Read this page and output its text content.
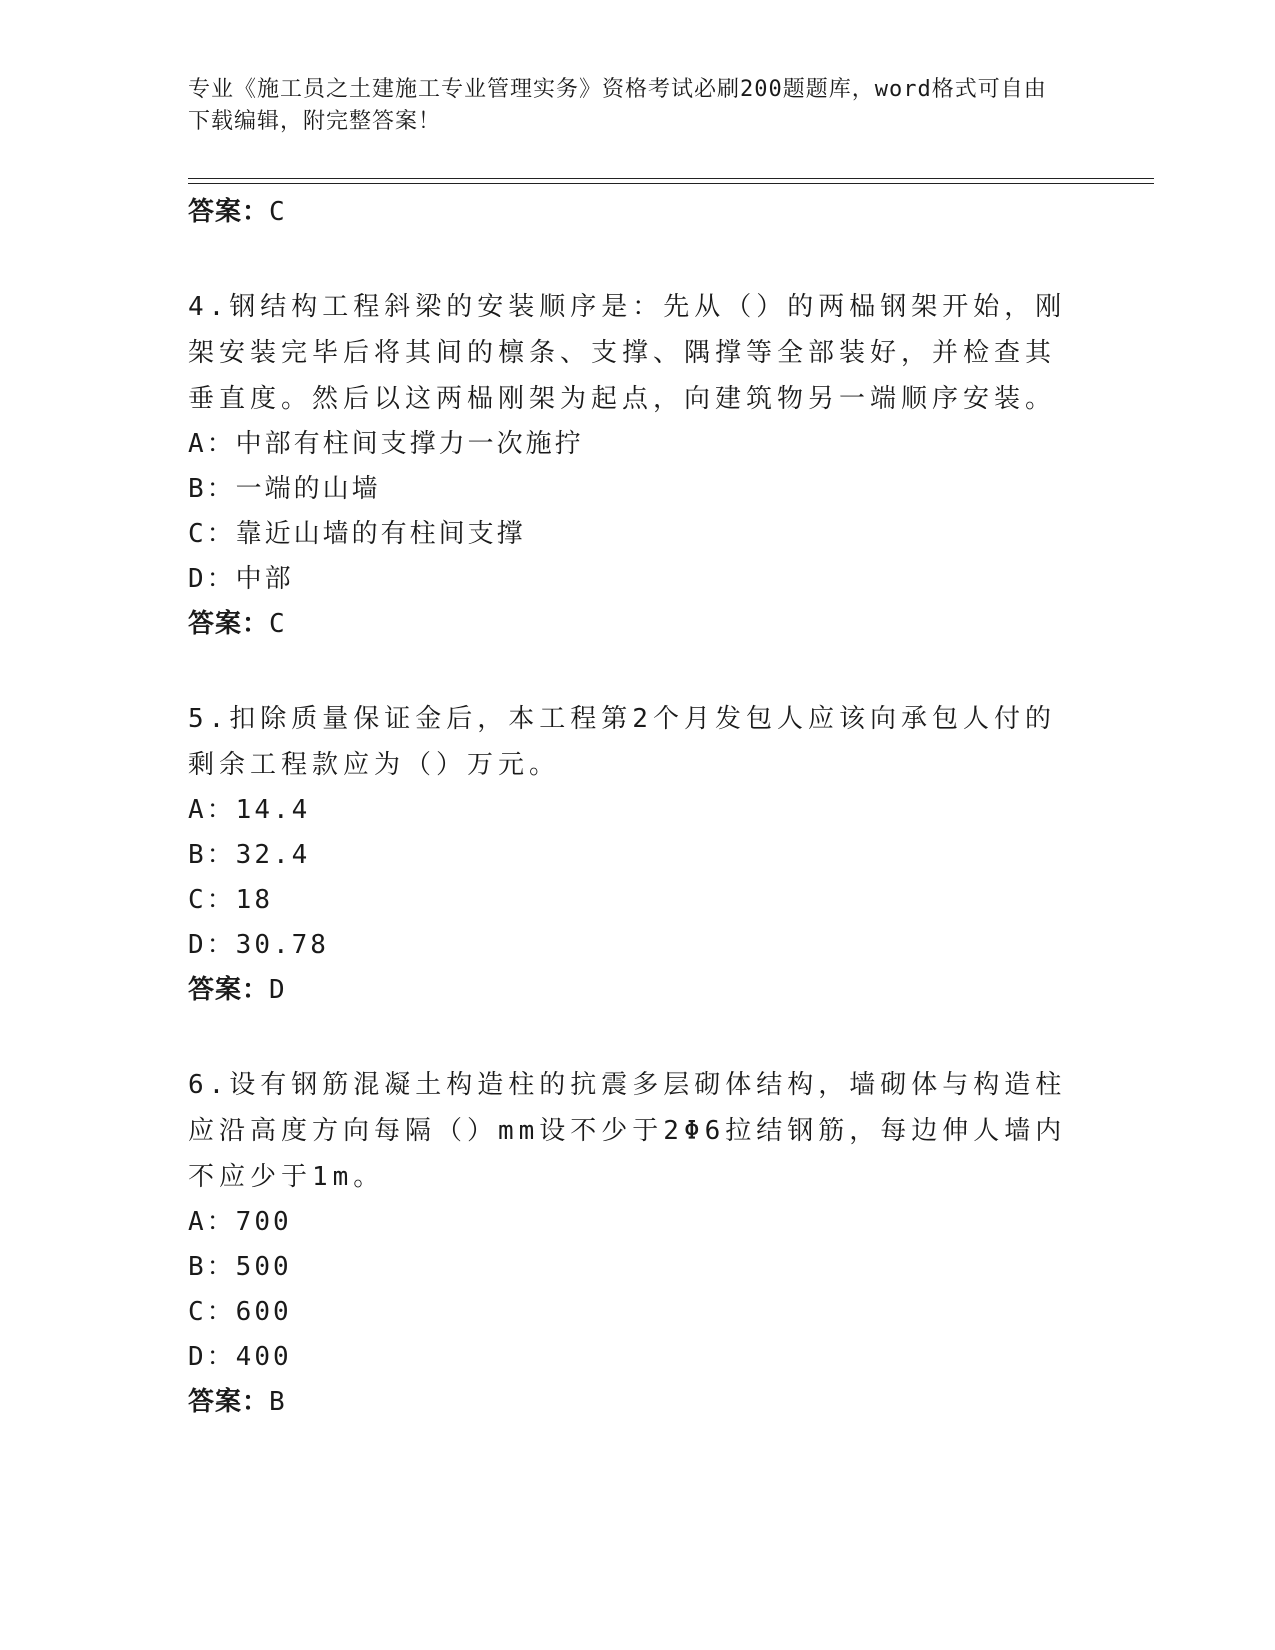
专业《施工员之土建施工专业管理实务》资格考试必刷200题题库，word格式可自由下载编辑，附完整答案！
答案：C
4.钢结构工程斜梁的安装顺序是：先从（）的两榀钢架开始，刚架安装完毕后将其间的檩条、支撑、隅撑等全部装好，并检查其垂直度。然后以这两榀刚架为起点，向建筑物另一端顺序安装。
A：中部有柱间支撑力一次施拧
B：一端的山墙
C：靠近山墙的有柱间支撑
D：中部
答案：C
5.扣除质量保证金后，本工程第2个月发包人应该向承包人付的剩余工程款应为（）万元。
A：14.4
B：32.4
C：18
D：30.78
答案：D
6.设有钢筋混凝土构造柱的抗震多层砌体结构，墙砌体与构造柱应沿高度方向每隔（）mm设不少于2Φ6拉结钢筋，每边伸人墙内不应少于1m。
A：700
B：500
C：600
D：400
答案：B
